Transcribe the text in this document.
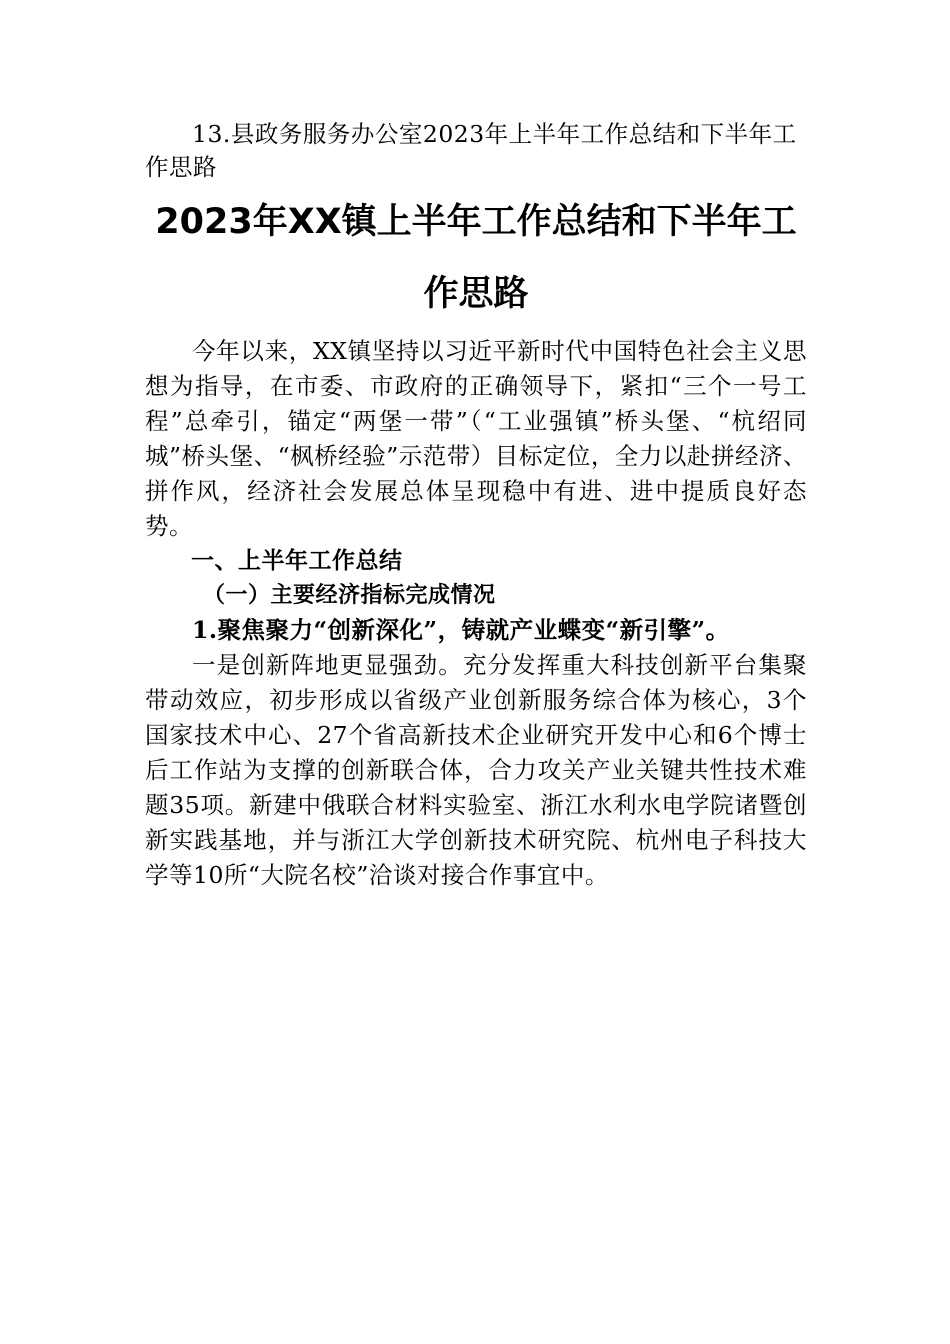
13.县政务服务办公室2023年上半年工作总结和下半年工作思路

2023年XX镇上半年工作总结和下半年工
作思路

今年以来，XX镇坚持以习近平新时代中国特色社会主义思想为指导，在市委、市政府的正确领导下，紧扣“三个一号工程”总牵引，锚定“两堡一带”（“工业强镇”桥头堡、“杭绍同城”桥头堡、“枫桥经验”示范带）目标定位，全力以赴拼经济、拼作风，经济社会发展总体呈现稳中有进、进中提质良好态势。

一、上半年工作总结
（一）主要经济指标完成情况
1.聚焦聚力“创新深化”，铸就产业蝶变“新引擎”。

一是创新阵地更显强劲。充分发挥重大科技创新平台集聚带动效应，初步形成以省级产业创新服务综合体为核心，3个国家技术中心、27个省高新技术企业研究开发中心和6个博士后工作站为支撑的创新联合体，合力攻关产业关键共性技术难题35项。新建中俄联合材料实验室、浙江水利水电学院诸暨创新实践基地，并与浙江大学创新技术研究院、杭州电子科技大学等10所“大院名校”洽谈对接合作事宜中。
